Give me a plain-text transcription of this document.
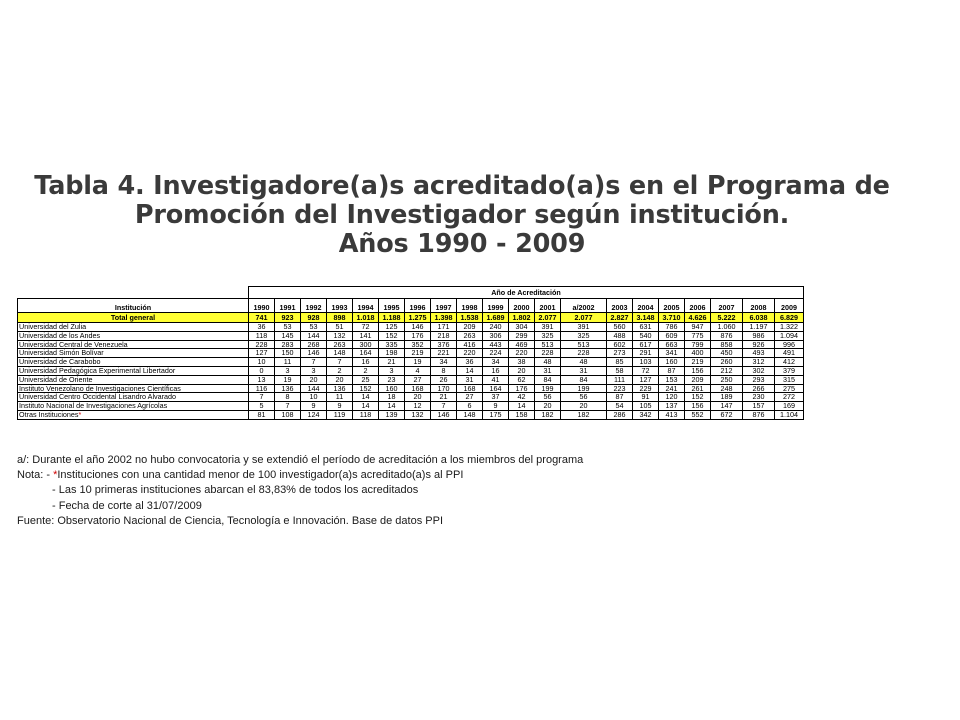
Tabla 4. Investigadore(a)s acreditado(a)s en el Programa de
Promoción del Investigador según institución.
Años 1990 - 2009
	Año de Acreditación																			
Institución	1990	1991	1992	1993	1994	1995	1996	1997	1998	1999	2000	2001	a/2002	2003	2004	2005	2006	2007	2008	2009
Total general	741	923	928	898	1.018	1.188	1.275	1.398	1.538	1.689	1.802	2.077	2.077	2.827	3.148	3.710	4.626	5.222	6.038	6.829
Universidad del Zulia	36	53	53	51	72	125	146	171	209	240	304	391	391	560	631	786	947	1.060	1.197	1.322
Universidad de los Andes	118	145	144	132	141	152	176	218	263	306	299	325	325	488	540	609	775	876	986	1.094
Universidad Central de Venezuela	228	283	268	263	300	335	352	376	416	443	469	513	513	602	617	663	799	858	926	996
Universidad Simón Bolívar	127	150	146	148	164	198	219	221	220	224	220	228	228	273	291	341	400	450	493	491
Universidad de Carabobo	10	11	7	7	16	21	19	34	36	34	38	48	48	85	103	160	219	260	312	412
Universidad Pedagógica Experimental Libertador	0	3	3	2	2	3	4	8	14	16	20	31	31	58	72	87	156	212	302	379
Universidad de Oriente	13	19	20	20	25	23	27	26	31	41	62	84	84	111	127	153	209	250	293	315
Instituto Venezolano de Investigaciones Científicas	116	136	144	136	152	160	168	170	168	164	176	199	199	223	229	241	261	248	266	275
Universidad Centro Occidental Lisandro Alvarado	7	8	10	11	14	18	20	21	27	37	42	56	56	87	91	120	152	189	230	272
Instituto Nacional de Investigaciones Agrícolas	5	7	9	9	14	14	12	7	6	9	14	20	20	54	105	137	156	147	157	169
Otras Instituciones*	81	108	124	119	118	139	132	146	148	175	158	182	182	286	342	413	552	672	876	1.104
a/: Durante el año 2002 no hubo convocatoria y se extendió el período de acreditación a los miembros del programa
Nota: - *Instituciones con una cantidad menor de 100 investigador(a)s acreditado(a)s al PPI
- Las 10 primeras instituciones abarcan el 83,83% de todos los acreditados
- Fecha de corte al 31/07/2009
Fuente: Observatorio Nacional de Ciencia, Tecnología e Innovación. Base de datos PPI
